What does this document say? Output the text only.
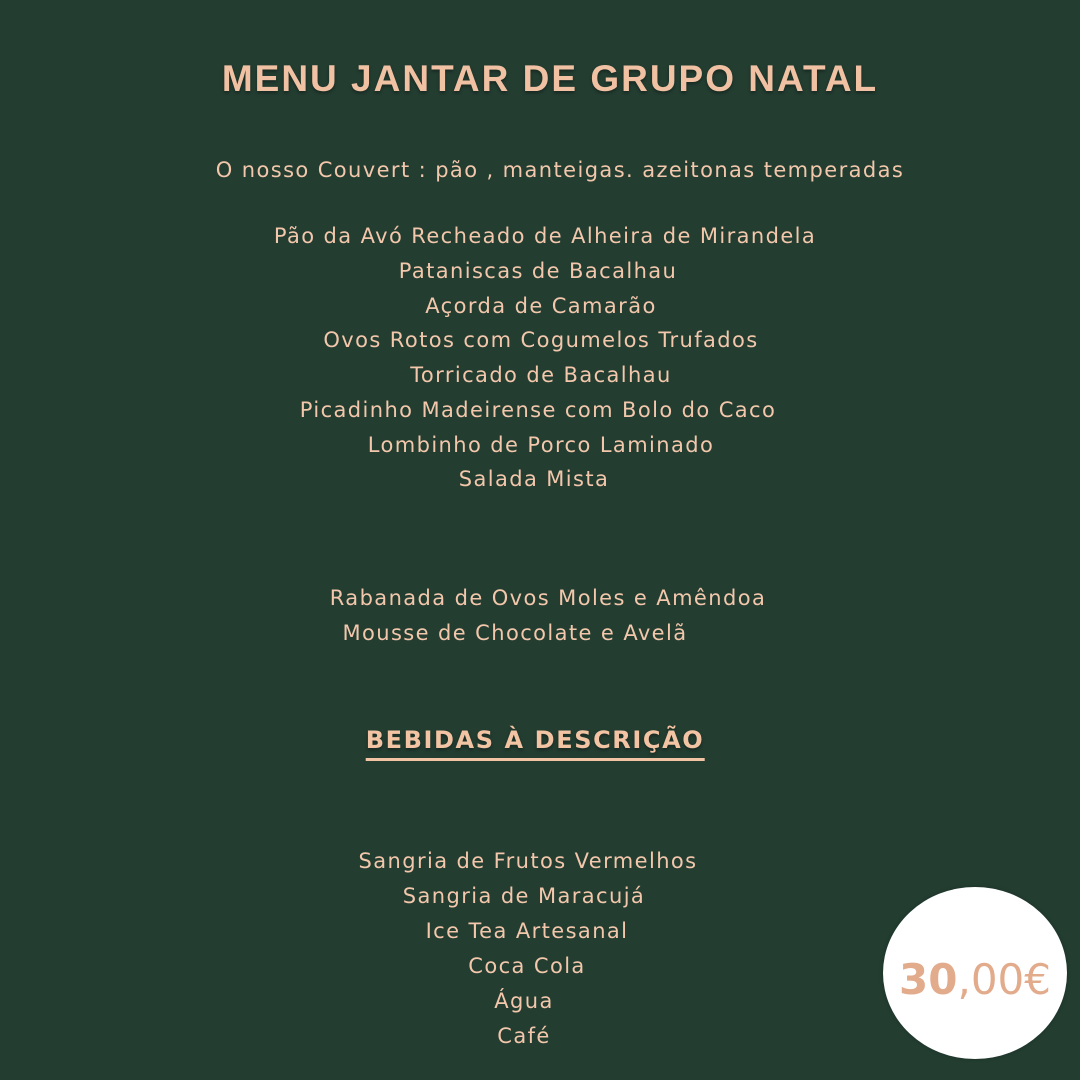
MENU JANTAR DE GRUPO NATAL
O nosso Couvert : pão , manteigas. azeitonas temperadas
Pão da Avó Recheado de Alheira de Mirandela
Pataniscas de Bacalhau
Açorda de Camarão
Ovos Rotos com Cogumelos Trufados
Torricado de Bacalhau
Picadinho Madeirense com Bolo do Caco
Lombinho de Porco Laminado
Salada Mista
Rabanada de Ovos Moles e Amêndoa
Mousse de Chocolate e Avelã
BEBIDAS À DESCRIÇÃO
Sangria de Frutos Vermelhos
Sangria de Maracujá
Ice Tea Artesanal
Coca Cola
Água
Café
30,00€
